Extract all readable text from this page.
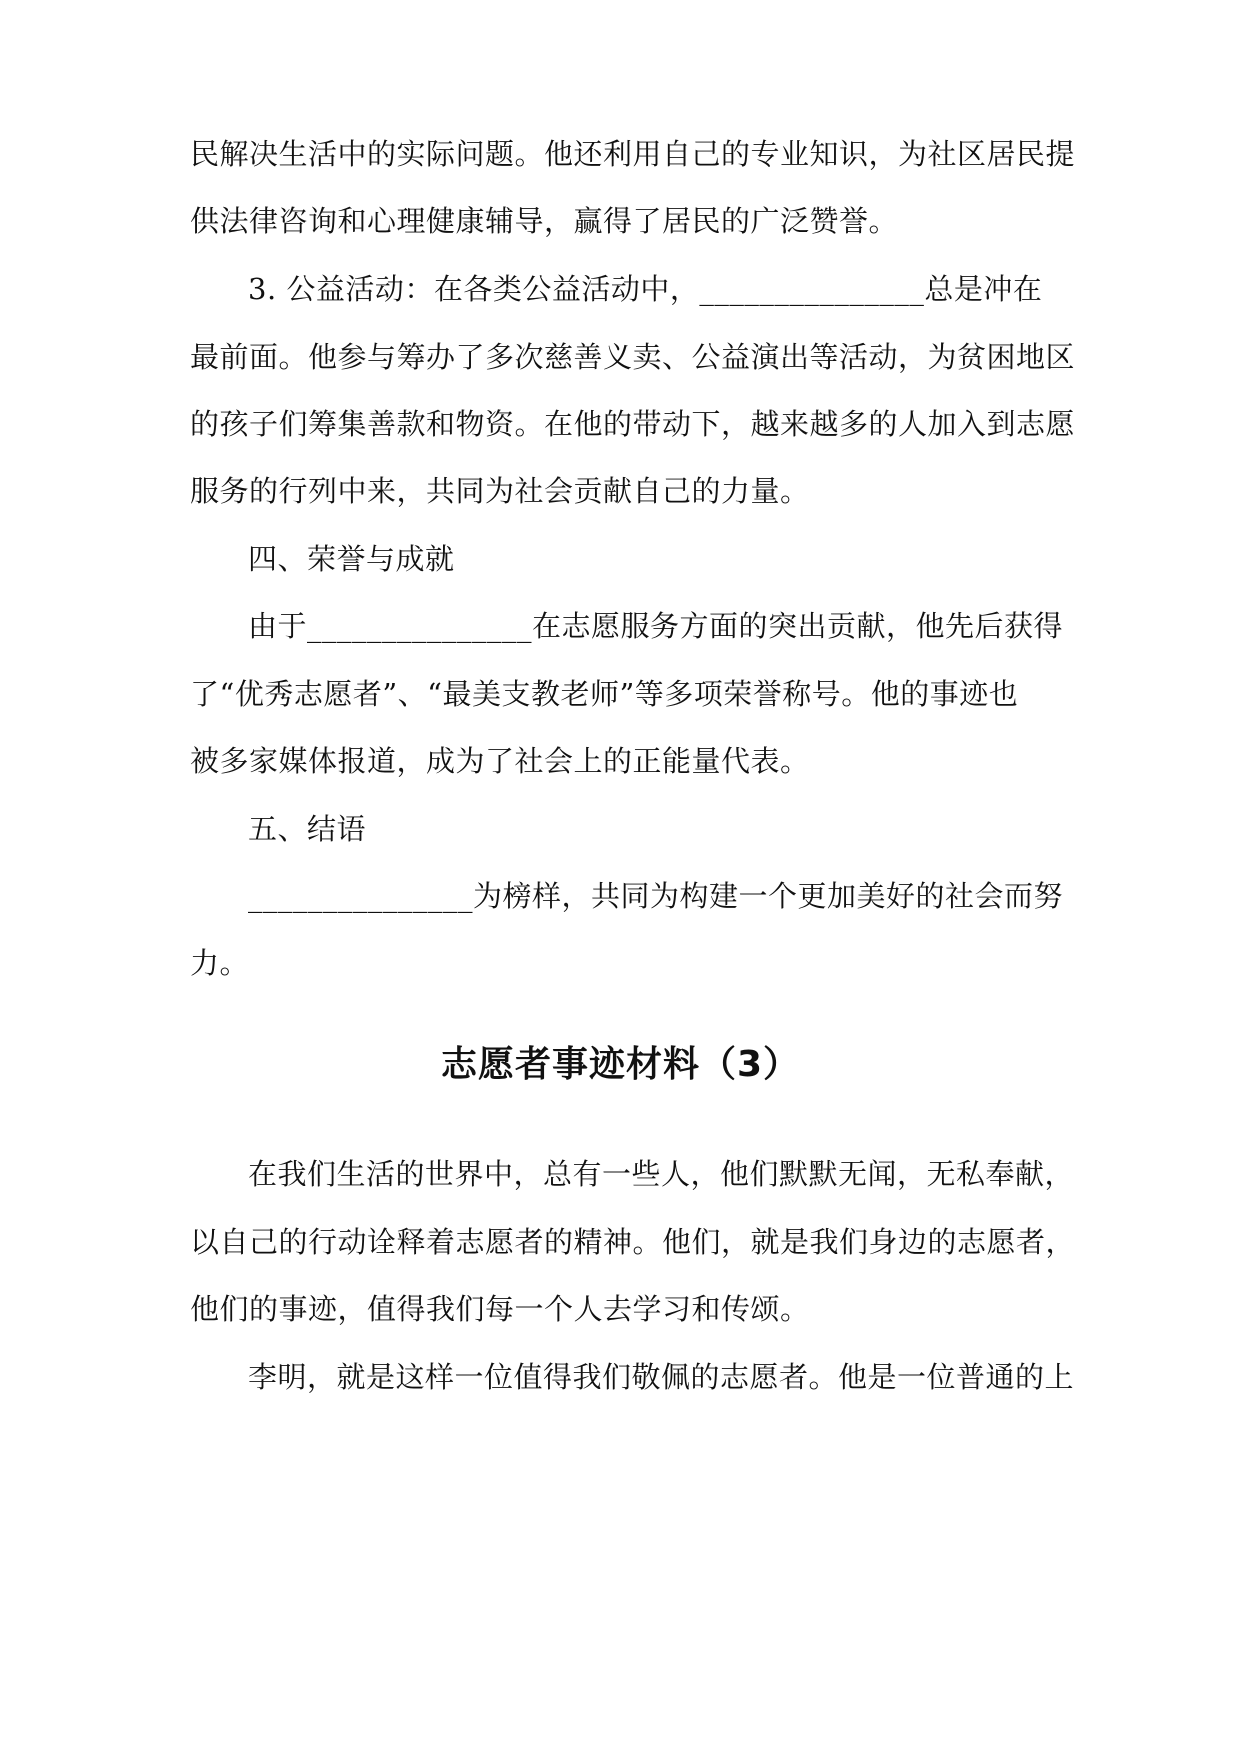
民解决生活中的实际问题。他还利用自己的专业知识，为社区居民提
供法律咨询和心理健康辅导，赢得了居民的广泛赞誉。
3. 公益活动：在各类公益活动中，_______________总是冲在
最前面。他参与筹办了多次慈善义卖、公益演出等活动，为贫困地区
的孩子们筹集善款和物资。在他的带动下，越来越多的人加入到志愿
服务的行列中来，共同为社会贡献自己的力量。
四、荣誉与成就
由于_______________在志愿服务方面的突出贡献，他先后获得
了“优秀志愿者”、“最美支教老师”等多项荣誉称号。他的事迹也
被多家媒体报道，成为了社会上的正能量代表。
五、结语
_______________为榜样，共同为构建一个更加美好的社会而努
力。
志愿者事迹材料（3）
在我们生活的世界中，总有一些人，他们默默无闻，无私奉献，
以自己的行动诠释着志愿者的精神。他们，就是我们身边的志愿者，
他们的事迹，值得我们每一个人去学习和传颂。
李明，就是这样一位值得我们敬佩的志愿者。他是一位普通的上
